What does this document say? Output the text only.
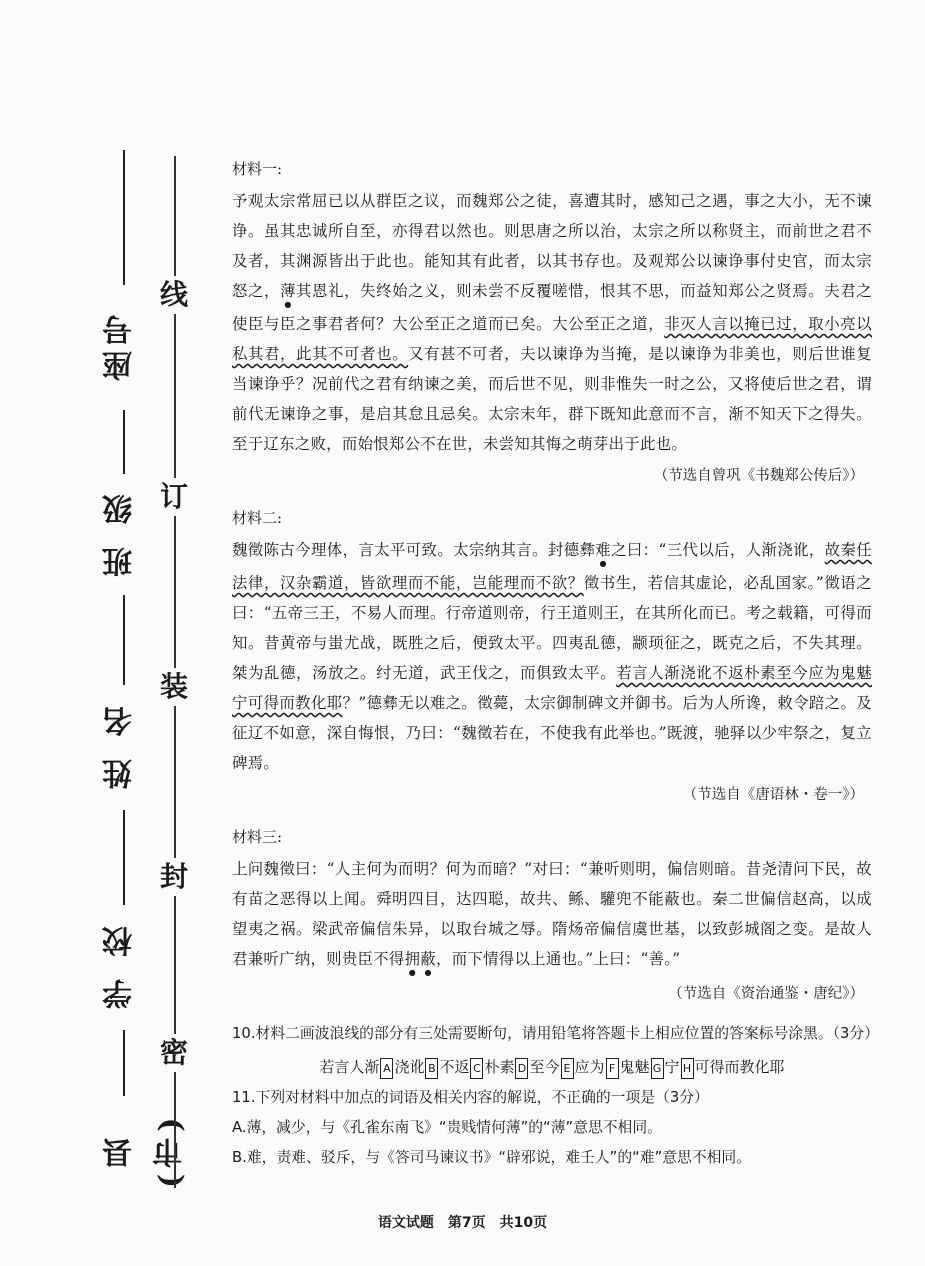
座号
班 级
姓 名
学 校
县(市)
线
订
装
封
密

材料一:

予观太宗常屈已以从群臣之议，而魏郑公之徒，喜遭其时，感知己之遇，事之大小，无不谏诤。虽其忠诚所自至，亦得君以然也。则思唐之所以治，太宗之所以称贤主，而前世之君不及者，其渊源皆出于此也。能知其有此者，以其书存也。及观郑公以谏诤事付史官，而太宗怒之，薄其恩礼，失终始之义，则未尝不反覆嗟惜，恨其不思，而益知郑公之贤焉。夫君之使臣与臣之事君者何？大公至正之道而已矣。大公至正之道，非灭人言以掩已过，取小亮以私其君，此其不可者也。又有甚不可者，夫以谏诤为当掩，是以谏诤为非美也，则后世谁复当谏诤乎？况前代之君有纳谏之美，而后世不见，则非惟失一时之公，又将使后世之君，谓前代无谏诤之事，是启其怠且忌矣。太宗末年，群下既知此意而不言，渐不知天下之得失。至于辽东之败，而始恨郑公不在世，未尝知其悔之萌芽出于此也。

（节选自曾巩《书魏郑公传后》）

材料二:

魏徵陈古今理体，言太平可致。太宗纳其言。封德彝难之曰：“三代以后，人渐浇讹，故秦任法律，汉杂霸道，皆欲理而不能，岂能理而不欲？徵书生，若信其虚论，必乱国家。”徵语之曰：“五帝三王，不易人而理。行帝道则帝，行王道则王，在其所化而已。考之载籍，可得而知。昔黄帝与蚩尤战，既胜之后，便致太平。四夷乱德，颛顼征之，既克之后，不失其理。桀为乱德，汤放之。纣无道，武王伐之，而俱致太平。若言人渐浇讹不返朴素至今应为鬼魅宁可得而教化耶？”德彝无以难之。徵薨，太宗御制碑文并御书。后为人所谗，敕令踣之。及征辽不如意，深自悔恨，乃曰：“魏徵若在，不使我有此举也。”既渡，驰驿以少牢祭之，复立碑焉。

（节选自《唐语林・卷一》）

材料三:

上问魏徵曰：“人主何为而明？何为而暗？”对曰：“兼听则明，偏信则暗。昔尧清问下民，故有苗之恶得以上闻。舜明四目，达四聪，故共、鲧、驩兜不能蔽也。秦二世偏信赵高，以成望夷之祸。梁武帝偏信朱异，以取台城之辱。隋炀帝偏信虞世基，以致彭城阁之变。是故人君兼听广纳，则贵臣不得拥蔽，而下情得以上通也。”上曰：“善。”

（节选自《资治通鉴・唐纪》）

10.材料二画波浪线的部分有三处需要断句，请用铅笔将答题卡上相应位置的答案标号涂黑。（3分）

若言人渐 A 浇讹 B 不返 C 朴素 D 至今 E 应为 F 鬼魅 G 宁 H 可得而教化耶

11.下列对材料中加点的词语及相关内容的解说，不正确的一项是（3分）

A.薄，减少，与《孔雀东南飞》“贵贱情何薄”的“薄”意思不相同。

B.难，责难、驳斥，与《答司马谏议书》“辟邪说，难壬人”的“难”意思不相同。

语文试题　第7页　共10页
